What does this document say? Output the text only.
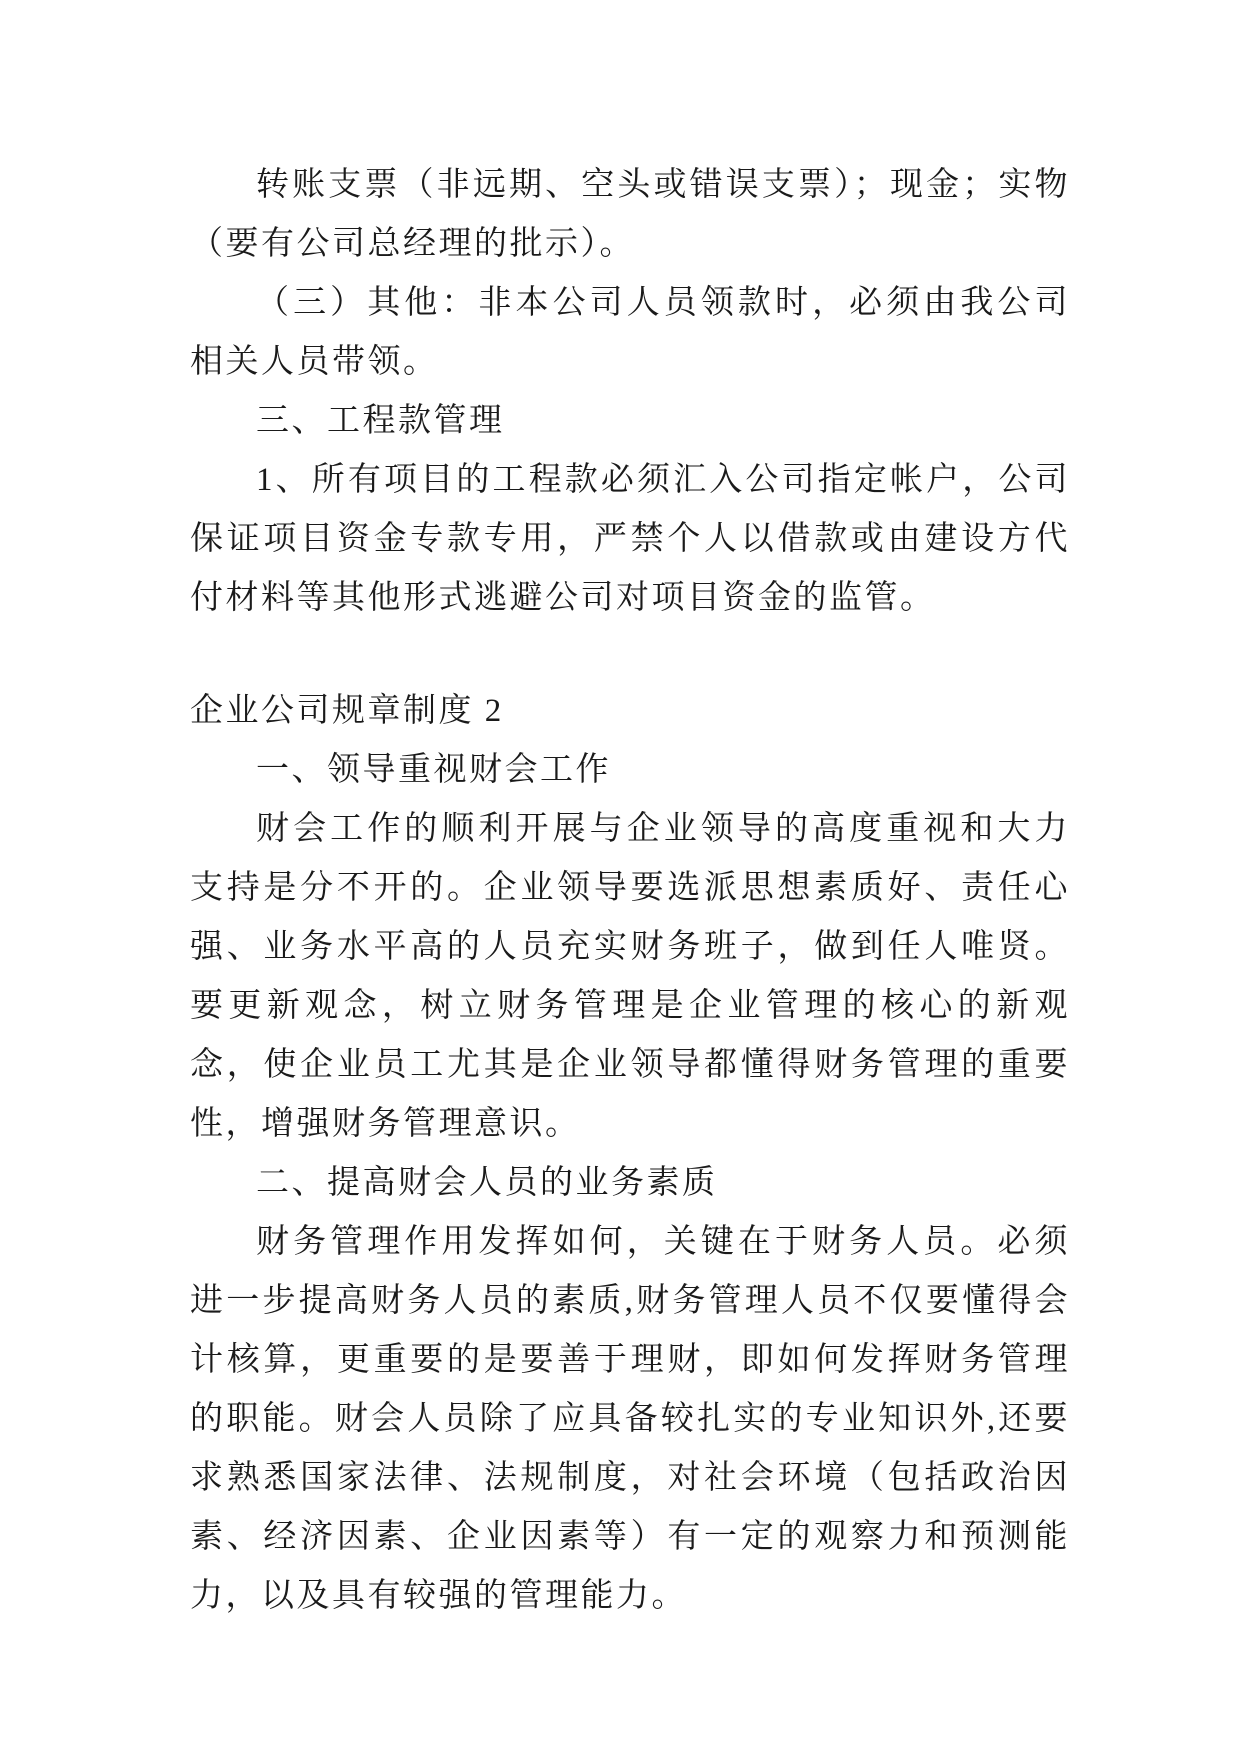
转账支票（非远期、空头或错误支票）；现金；实物（要有公司总经理的批示）。

（三）其他：非本公司人员领款时，必须由我公司相关人员带领。

三、工程款管理

1、所有项目的工程款必须汇入公司指定帐户，公司保证项目资金专款专用，严禁个人以借款或由建设方代付材料等其他形式逃避公司对项目资金的监管。

企业公司规章制度 2

一、领导重视财会工作

财会工作的顺利开展与企业领导的高度重视和大力支持是分不开的。企业领导要选派思想素质好、责任心强、业务水平高的人员充实财务班子，做到任人唯贤。要更新观念，树立财务管理是企业管理的核心的新观念，使企业员工尤其是企业领导都懂得财务管理的重要性，增强财务管理意识。

二、提高财会人员的业务素质

财务管理作用发挥如何，关键在于财务人员。必须进一步提高财务人员的素质,财务管理人员不仅要懂得会计核算，更重要的是要善于理财，即如何发挥财务管理的职能。财会人员除了应具备较扎实的专业知识外,还要求熟悉国家法律、法规制度，对社会环境（包括政治因素、经济因素、企业因素等）有一定的观察力和预测能力，以及具有较强的管理能力。
